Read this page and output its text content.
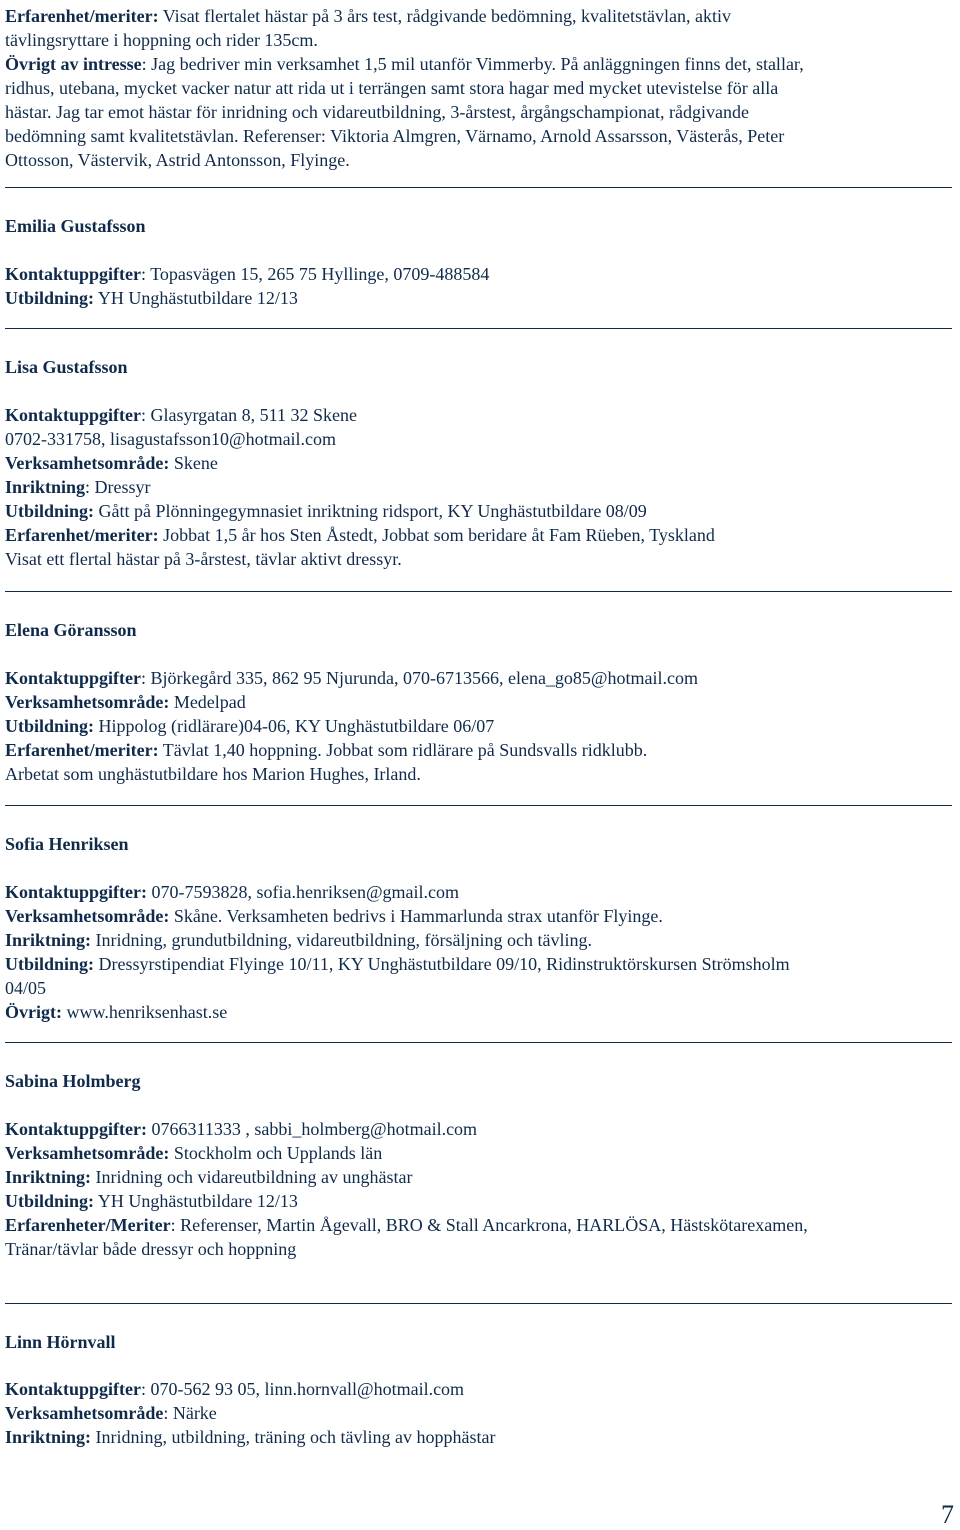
Erfarenhet/meriter: Visat flertalet hästar på 3 års test, rådgivande bedömning, kvalitetstävlan, aktiv
tävlingsryttare i hoppning och rider 135cm.
Övrigt av intresse: Jag bedriver min verksamhet 1,5 mil utanför Vimmerby. På anläggningen finns det, stallar,
ridhus, utebana, mycket vacker natur att rida ut i terrängen samt stora hagar med mycket utevistelse för alla
hästar. Jag tar emot hästar för inridning och vidareutbildning, 3-årstest, årgångschampionat, rådgivande
bedömning samt kvalitetstävlan. Referenser: Viktoria Almgren, Värnamo, Arnold Assarsson, Västerås, Peter
Ottosson, Västervik, Astrid Antonsson, Flyinge.
Emilia Gustafsson
Kontaktuppgifter: Topasvägen 15, 265 75 Hyllinge, 0709-488584
Utbildning: YH Unghästutbildare 12/13
Lisa Gustafsson
Kontaktuppgifter: Glasyrgatan 8, 511 32 Skene
0702-331758, lisagustafsson10@hotmail.com
Verksamhetsområde: Skene
Inriktning: Dressyr
Utbildning: Gått på Plönningegymnasiet inriktning ridsport, KY Unghästutbildare 08/09
Erfarenhet/meriter: Jobbat 1,5 år hos Sten Åstedt, Jobbat som beridare åt Fam Rüeben, Tyskland
Visat ett flertal hästar på 3-årstest, tävlar aktivt dressyr.
Elena Göransson
Kontaktuppgifter: Björkegård 335, 862 95 Njurunda, 070-6713566, elena_go85@hotmail.com
Verksamhetsområde: Medelpad
Utbildning: Hippolog (ridlärare)04-06, KY Unghästutbildare 06/07
Erfarenhet/meriter: Tävlat 1,40 hoppning. Jobbat som ridlärare på Sundsvalls ridklubb.
Arbetat som unghästutbildare hos Marion Hughes, Irland.
Sofia Henriksen
Kontaktuppgifter: 070-7593828, sofia.henriksen@gmail.com
Verksamhetsområde: Skåne. Verksamheten bedrivs i Hammarlunda strax utanför Flyinge.
Inriktning: Inridning, grundutbildning, vidareutbildning, försäljning och tävling.
Utbildning: Dressyrstipendiat Flyinge 10/11, KY Unghästutbildare 09/10, Ridinstruktörskursen Strömsholm
04/05
Övrigt: www.henriksenhast.se
Sabina Holmberg
Kontaktuppgifter: 0766311333 , sabbi_holmberg@hotmail.com
Verksamhetsområde: Stockholm och Upplands län
Inriktning: Inridning och vidareutbildning av unghästar
Utbildning: YH Unghästutbildare 12/13
Erfarenheter/Meriter: Referenser, Martin Ågevall, BRO & Stall Ancarkrona, HARLÖSA, Hästskötarexamen,
Tränar/tävlar både dressyr och hoppning
Linn Hörnvall
Kontaktuppgifter: 070-562 93 05, linn.hornvall@hotmail.com
Verksamhetsområde: Närke
Inriktning: Inridning, utbildning, träning och tävling av hopphästar
7
